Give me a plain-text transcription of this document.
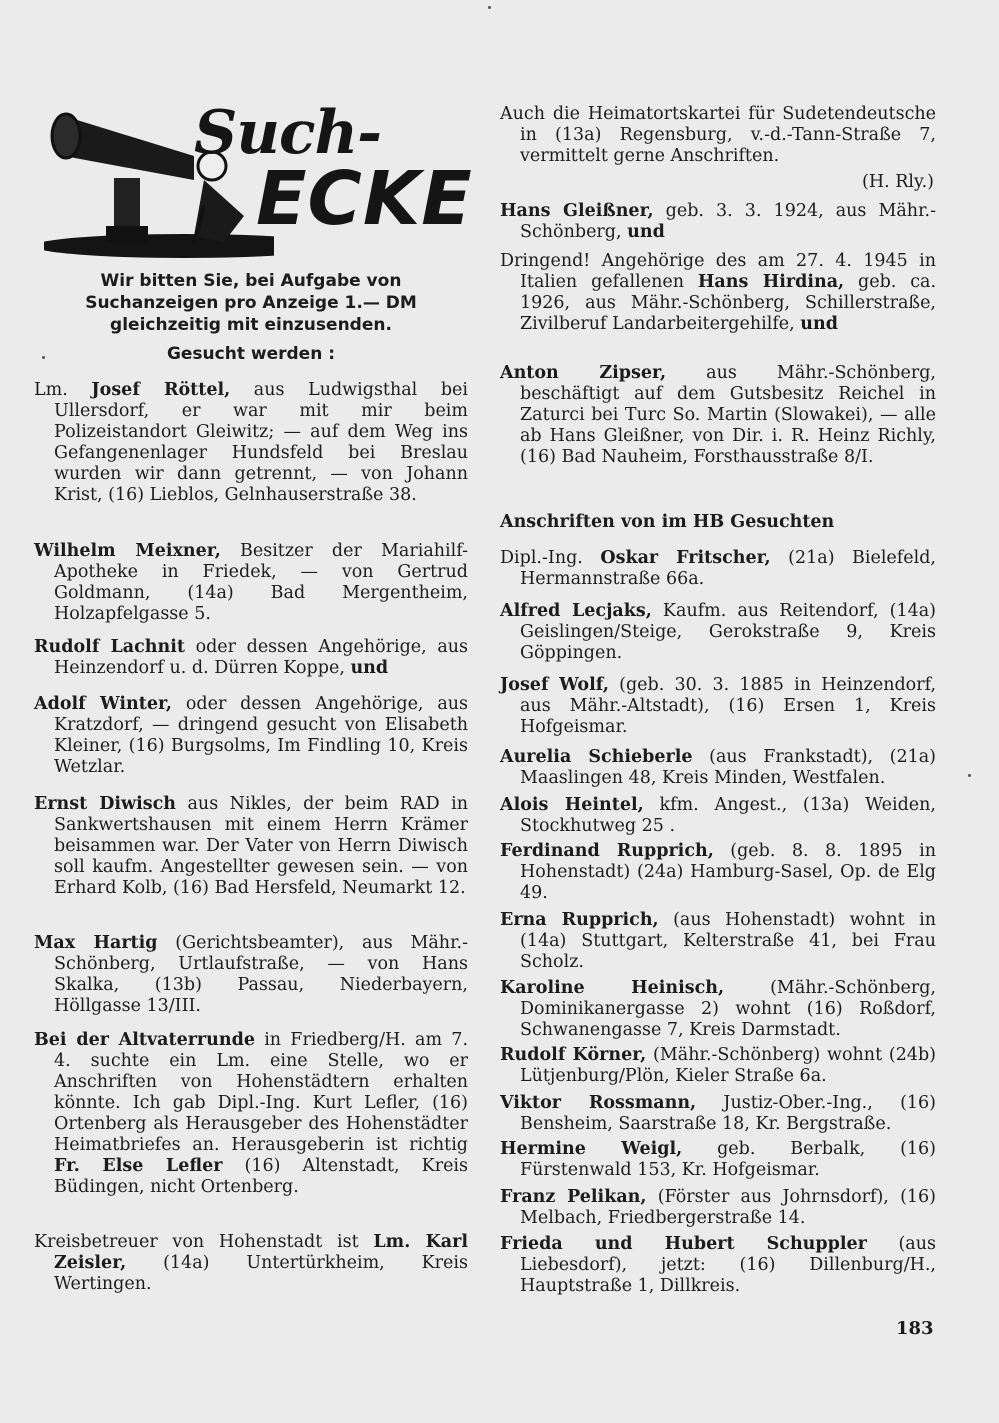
Such-
ECKE
Wir bitten Sie, bei Aufgabe von Suchanzeigen pro Anzeige 1.— DM gleichzeitig mit einzusenden.
Gesucht werden :

Lm. Josef Röttel, aus Ludwigsthal bei Ullersdorf, er war mit mir beim Polizeistandort Gleiwitz; — auf dem Weg ins Gefangenenlager Hundsfeld bei Breslau wurden wir dann getrennt, — von Johann Krist, (16) Lieblos, Gelnhauserstraße 38.

Wilhelm Meixner, Besitzer der Mariahilf-Apotheke in Friedek, — von Gertrud Goldmann, (14a) Bad Mergentheim, Holzapfelgasse 5.

Rudolf Lachnit oder dessen Angehörige, aus Heinzendorf u. d. Dürren Koppe, und

Adolf Winter, oder dessen Angehörige, aus Kratzdorf, — dringend gesucht von Elisabeth Kleiner, (16) Burgsolms, Im Findling 10, Kreis Wetzlar.

Ernst Diwisch aus Nikles, der beim RAD in Sankwertshausen mit einem Herrn Krämer beisammen war. Der Vater von Herrn Diwisch soll kaufm. Angestellter gewesen sein. — von Erhard Kolb, (16) Bad Hersfeld, Neumarkt 12.

Max Hartig (Gerichtsbeamter), aus Mähr.-Schönberg, Urtlaufstraße, — von Hans Skalka, (13b) Passau, Niederbayern, Höllgasse 13/III.

Bei der Altvaterrunde in Friedberg/H. am 7. 4. suchte ein Lm. eine Stelle, wo er Anschriften von Hohenstädtern erhalten könnte. Ich gab Dipl.-Ing. Kurt Lefler, (16) Ortenberg als Herausgeber des Hohenstädter Heimatbriefes an. Herausgeberin ist richtig Fr. Else Lefler (16) Altenstadt, Kreis Büdingen, nicht Ortenberg.

Kreisbetreuer von Hohenstadt ist Lm. Karl Zeisler, (14a) Untertürkheim, Kreis Wertingen.

Auch die Heimatortskartei für Sudetendeutsche in (13a) Regensburg, v.-d.-Tann-Straße 7, vermittelt gerne Anschriften.

(H. Rly.)

Hans Gleißner, geb. 3. 3. 1924, aus Mähr.-Schönberg, und

Dringend! Angehörige des am 27. 4. 1945 in Italien gefallenen Hans Hirdina, geb. ca. 1926, aus Mähr.-Schönberg, Schillerstraße, Zivilberuf Landarbeitergehilfe, und

Anton Zipser, aus Mähr.-Schönberg, beschäftigt auf dem Gutsbesitz Reichel in Zaturci bei Turc So. Martin (Slowakei), — alle ab Hans Gleißner, von Dir. i. R. Heinz Richly, (16) Bad Nauheim, Forsthausstraße 8/I.

Anschriften von im HB Gesuchten

Dipl.-Ing. Oskar Fritscher, (21a) Bielefeld, Hermannstraße 66a.

Alfred Lecjaks, Kaufm. aus Reitendorf, (14a) Geislingen/Steige, Gerokstraße 9, Kreis Göppingen.

Josef Wolf, (geb. 30. 3. 1885 in Heinzendorf, aus Mähr.-Altstadt), (16) Ersen 1, Kreis Hofgeismar.

Aurelia Schieberle (aus Frankstadt), (21a) Maaslingen 48, Kreis Minden, Westfalen.

Alois Heintel, kfm. Angest., (13a) Weiden, Stockhutweg 25 .

Ferdinand Rupprich, (geb. 8. 8. 1895 in Hohenstadt) (24a) Hamburg-Sasel, Op. de Elg 49.

Erna Rupprich, (aus Hohenstadt) wohnt in (14a) Stuttgart, Kelterstraße 41, bei Frau Scholz.

Karoline Heinisch, (Mähr.-Schönberg, Dominikanergasse 2) wohnt (16) Roßdorf, Schwanengasse 7, Kreis Darmstadt.

Rudolf Körner, (Mähr.-Schönberg) wohnt (24b) Lütjenburg/Plön, Kieler Straße 6a.

Viktor Rossmann, Justiz-Ober.-Ing., (16) Bensheim, Saarstraße 18, Kr. Bergstraße.

Hermine Weigl, geb. Berbalk, (16) Fürstenwald 153, Kr. Hofgeismar.

Franz Pelikan, (Förster aus Johrnsdorf), (16) Melbach, Friedbergerstraße 14.

Frieda und Hubert Schuppler (aus Liebesdorf), jetzt: (16) Dillenburg/H., Hauptstraße 1, Dillkreis.

183
